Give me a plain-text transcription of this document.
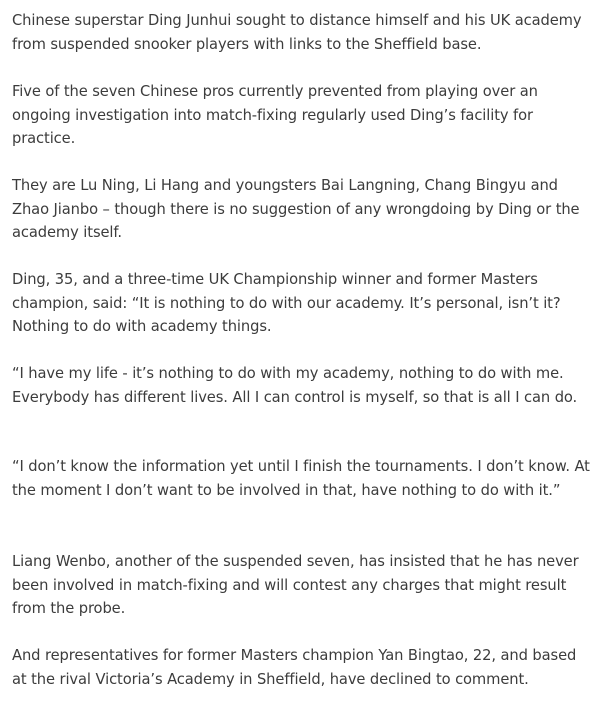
Chinese superstar Ding Junhui sought to distance himself and his UK academy from suspended snooker players with links to the Sheffield base.

Five of the seven Chinese pros currently prevented from playing over an ongoing investigation into match-fixing regularly used Ding’s facility for practice.

They are Lu Ning, Li Hang and youngsters Bai Langning, Chang Bingyu and Zhao Jianbo – though there is no suggestion of any wrongdoing by Ding or the academy itself.

Ding, 35, and a three-time UK Championship winner and former Masters champion, said: “It is nothing to do with our academy. It’s personal, isn’t it? Nothing to do with academy things.

“I have my life - it’s nothing to do with my academy, nothing to do with me. Everybody has different lives. All I can control is myself, so that is all I can do.

“I don’t know the information yet until I finish the tournaments. I don’t know. At the moment I don’t want to be involved in that, have nothing to do with it.”

Liang Wenbo, another of the suspended seven, has insisted that he has never been involved in match-fixing and will contest any charges that might result from the probe.

And representatives for former Masters champion Yan Bingtao, 22, and based at the rival Victoria’s Academy in Sheffield, have declined to comment.
